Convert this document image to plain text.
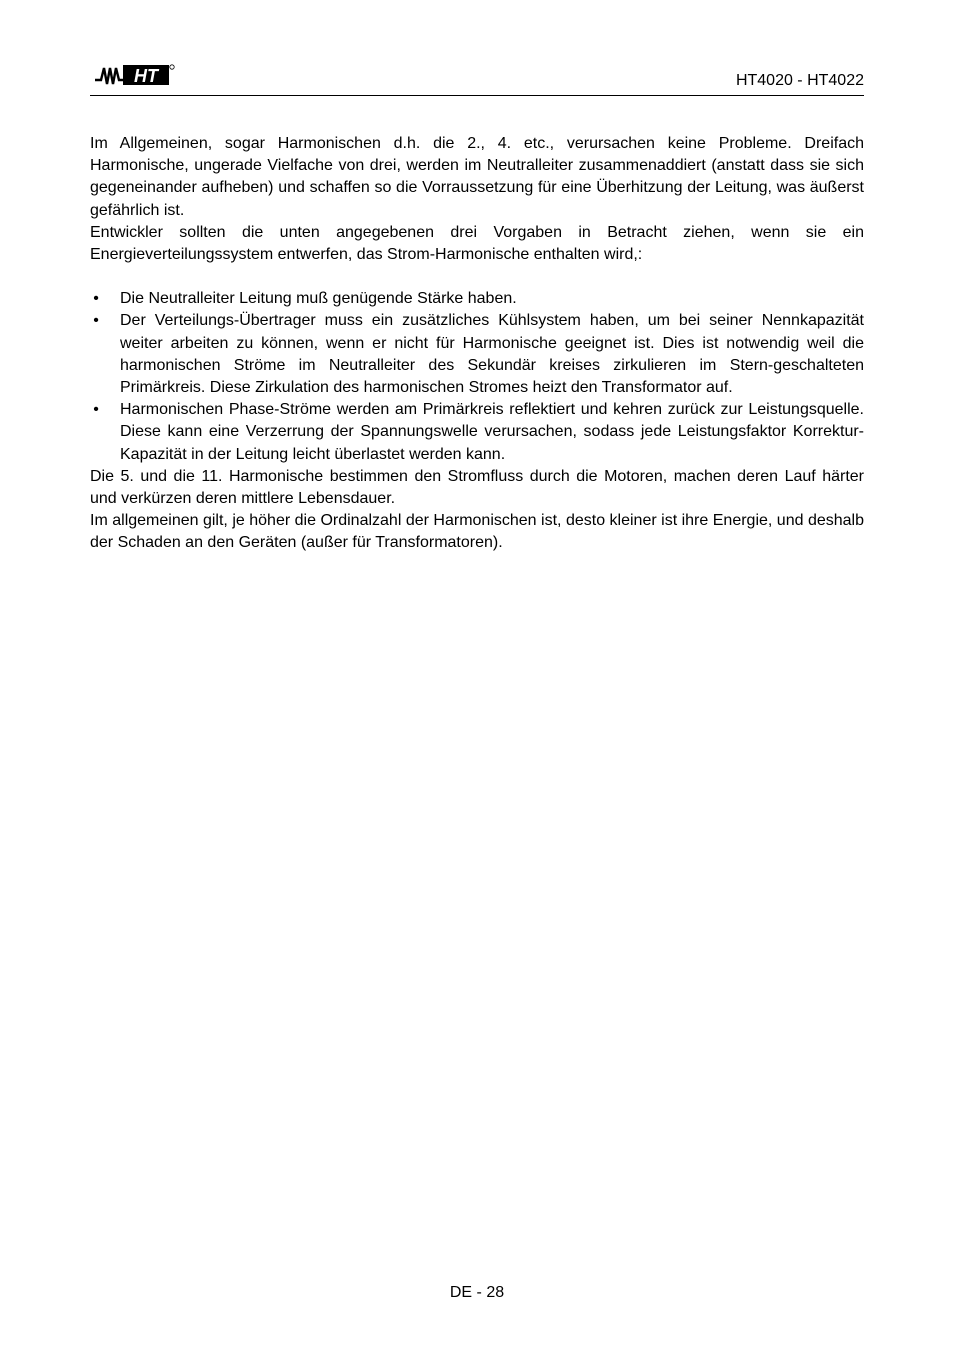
HT	HT4020 - HT4022

Im Allgemeinen, sogar Harmonischen d.h. die 2., 4. etc., verursachen keine Probleme. Dreifach Harmonische, ungerade Vielfache von drei, werden im Neutralleiter zusammenaddiert (anstatt dass sie sich gegeneinander aufheben) und schaffen so die Vorraussetzung für eine Überhitzung der Leitung, was äußerst gefährlich ist.

Entwickler sollten die unten angegebenen drei Vorgaben in Betracht ziehen, wenn sie ein Energieverteilungssystem entwerfen, das Strom-Harmonische enthalten wird,:

• Die Neutralleiter Leitung muß genügende Stärke haben.
• Der Verteilungs-Übertrager muss ein zusätzliches Kühlsystem haben, um bei seiner Nennkapazität weiter arbeiten zu können, wenn er nicht für Harmonische geeignet ist. Dies ist notwendig weil die harmonischen Ströme im Neutralleiter des Sekundär kreises zirkulieren im Stern-geschalteten Primärkreis. Diese Zirkulation des harmonischen Stromes heizt den Transformator auf.
• Harmonischen Phase-Ströme werden am Primärkreis reflektiert und kehren zurück zur Leistungsquelle. Diese kann eine Verzerrung der Spannungswelle verursachen, sodass jede Leistungsfaktor Korrektur-Kapazität in der Leitung leicht überlastet werden kann.

Die 5. und die 11. Harmonische bestimmen den Stromfluss durch die Motoren, machen deren Lauf härter und verkürzen deren mittlere Lebensdauer.

Im allgemeinen gilt, je höher die Ordinalzahl der Harmonischen ist, desto kleiner ist ihre Energie, und deshalb der Schaden an den Geräten (außer für Transformatoren).

DE - 28
